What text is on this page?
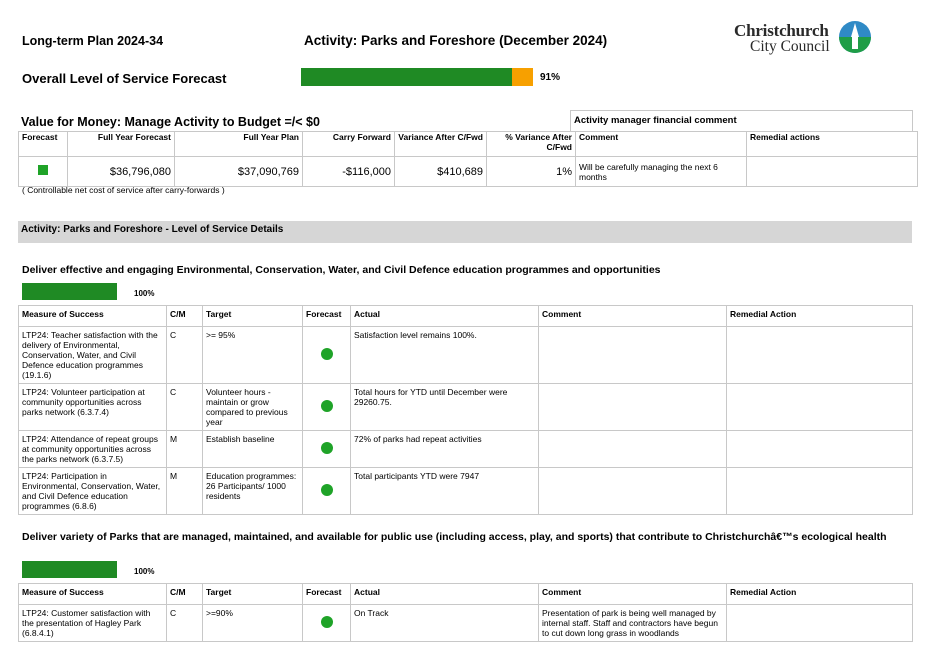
Long-term Plan 2024-34	Activity: Parks and Foreshore (December 2024)
Christchurch
City Council
Overall Level of Service Forecast	91%
Value for Money: Manage Activity to Budget =/< $0	Activity manager financial comment
Forecast	Full Year Forecast	Full Year Plan	Carry Forward	Variance After C/Fwd	% Variance After C/Fwd	Comment	Remedial actions
	$36,796,080	$37,090,769	-$116,000	$410,689	1%	Will be carefully managing the next 6 months	
( Controllable net cost of service after carry-forwards )
Activity: Parks and Foreshore - Level of Service Details
Deliver effective and engaging Environmental, Conservation, Water, and Civil Defence education programmes and opportunities
100%
Measure of Success	C/M	Target	Forecast	Actual	Comment	Remedial Action
LTP24: Teacher satisfaction with the delivery of Environmental, Conservation, Water, and Civil Defence education programmes (19.1.6)	C	>= 95%		Satisfaction level remains 100%.		
LTP24: Volunteer participation at community opportunities across parks network (6.3.7.4)	C	Volunteer hours - maintain or grow compared to previous year		Total hours for YTD until December were 29260.75.		
LTP24: Attendance of repeat groups at community opportunities across the parks network (6.3.7.5)	M	Establish baseline		72% of parks had repeat activities		
LTP24: Participation in Environmental, Conservation, Water, and Civil Defence education programmes (6.8.6)	M	Education programmes: 26 Participants/ 1000 residents		Total participants YTD were 7947		
Deliver variety of Parks that are managed, maintained, and available for public use (including access, play, and sports) that contribute to Christchurchâ€™s ecological health
100%
Measure of Success	C/M	Target	Forecast	Actual	Comment	Remedial Action
LTP24: Customer satisfaction with the presentation of Hagley Park (6.8.4.1)	C	>=90%		On Track	Presentation of park is being well managed by internal staff. Staff and contractors have begun to cut down long grass in woodlands	
